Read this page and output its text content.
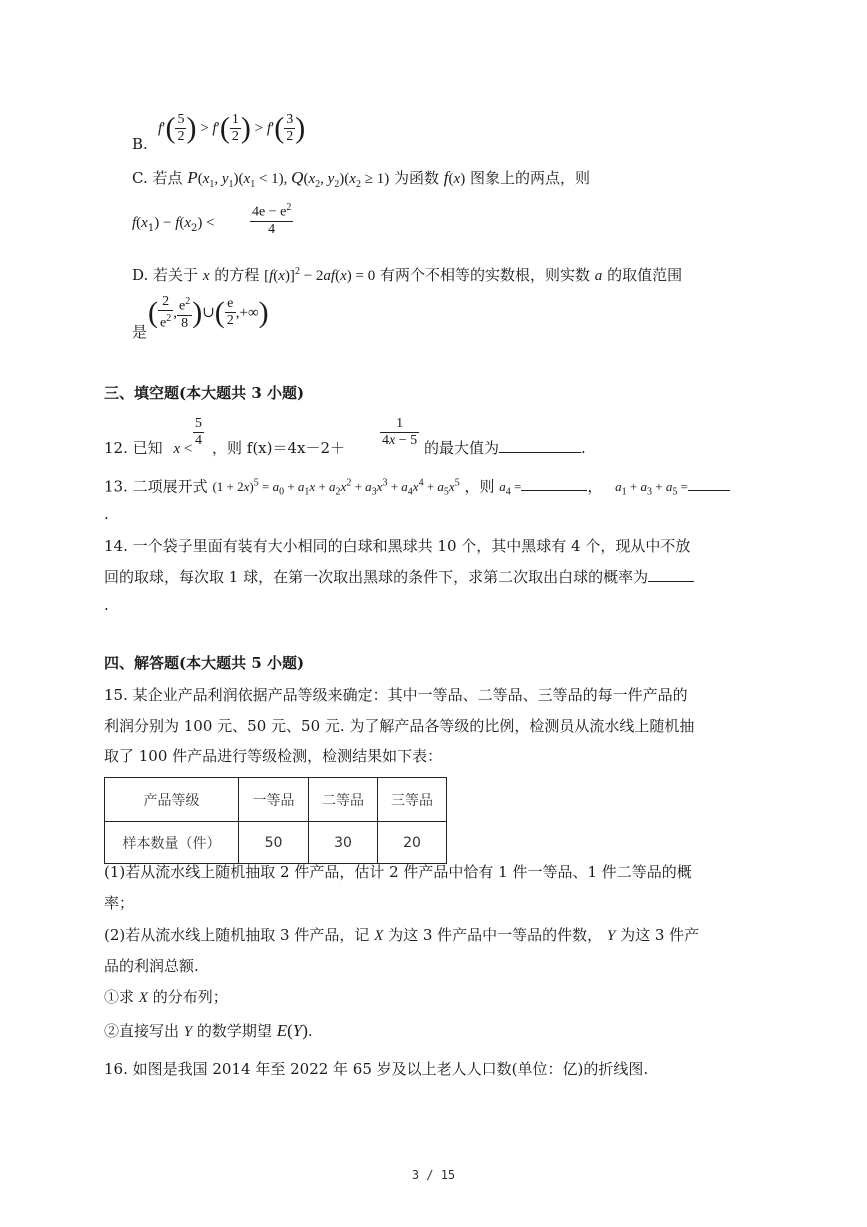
B.
$f'( \frac{5}{2}$ ) > $f'( \frac{1}{2}$ ) > $f'( \frac{3}{2}$ )
C. 若点 $P(x_1$, $y_1)(x_1 < 1)$, $Q(x_2$, $y_2)(x_2 \ge 1)$ 为函数 f(x) 图象上的两点，则
$f(x_1) - f(x_2)$ <	$\frac{4e - e^2}{4}$
D. 若关于 x 的方程 $[f(x)]^2 - 2af(x) = 0$ 有两个不相等的实数根，则实数 a 的取值范围
是
( $\frac{2}{e^2}$ , $\frac{e^2}{8}$ )∪( $\frac{e}{2}$ ,+∞)
三、填空题(本大题共 3 小题)
12. 已知 $x < \frac{5}{4}$ ，则 $f(x)=4x-2+ \frac{1}{4x - 5}$ 的最大值为	.
13. 二项展开式 $(1 + 2x)^5 = a_0 + a_1x + a_2x^2 + a_3x^3 + a_4x^4 + a_5x^5$ ，则 $a_4$ =	， $a_1 + a_3 + a_5$ =
.
14. 一个袋子里面有装有大小相同的白球和黑球共 10 个，其中黑球有 4 个，现从中不放
回的取球，每次取 1 球，在第一次取出黑球的条件下，求第二次取出白球的概率为
.
四、解答题(本大题共 5 小题)
15. 某企业产品利润依据产品等级来确定：其中一等品、二等品、三等品的每一件产品的
利润分别为 100 元、50 元、50 元. 为了解产品各等级的比例，检测员从流水线上随机抽
取了 100 件产品进行等级检测，检测结果如下表：
产品等级	一等品	二等品	三等品
样本数量（件）	50	30	20
(1)若从流水线上随机抽取 2 件产品，估计 2 件产品中恰有 1 件一等品、1 件二等品的概
率；
(2)若从流水线上随机抽取 3 件产品，记 X 为这 3 件产品中一等品的件数， Y 为这 3 件产
品的利润总额.
①求 X 的分布列；
②直接写出 Y 的数学期望 E(Y).
16. 如图是我国 2014 年至 2022 年 65 岁及以上老人人口数(单位：亿)的折线图.
3 / 15
